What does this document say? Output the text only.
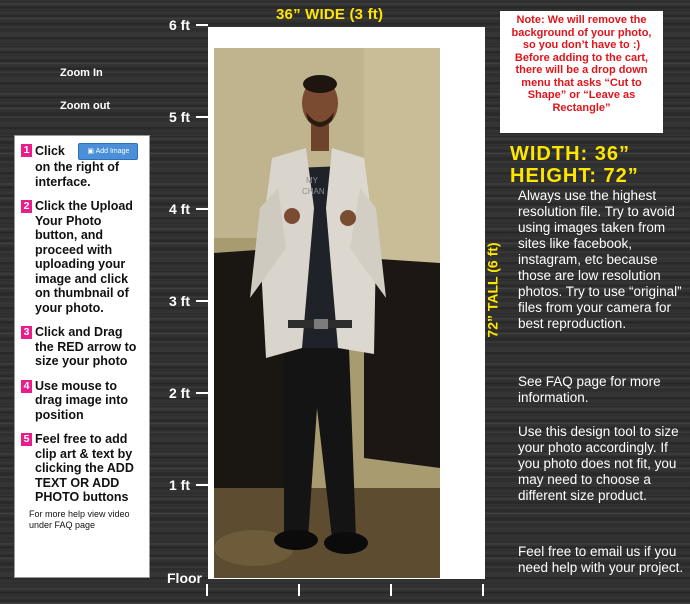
36” WIDE (3 ft)
6 ft
5 ft
4 ft
3 ft
2 ft
1 ft
Floor
MY
CHAN
Zoom In
Zoom out
1 Click	▣ Add Image on the right of interface.
2 Click the Upload Your Photo button, and proceed with uploading your image and click on thumbnail of your photo.
3 Click and Drag the RED arrow to size your photo
4 Use mouse to drag image into position
5 Feel free to add clip art & text by clicking the ADD TEXT OR ADD PHOTO buttons
For more help view video under FAQ page
Note: We will remove the background of your photo, so you don’t have to :) Before adding to the cart, there will be a drop down menu that asks “Cut to Shape” or “Leave as Rectangle”
WIDTH: 36”
HEIGHT: 72”
72” TALL (6 ft)
Always use the highest resolution file. Try to avoid using images taken from sites like facebook, instagram, etc because those are low resolution photos. Try to use “original” files from your camera for best reproduction.
See FAQ page for more information.
Use this design tool to size your photo accordingly. If you photo does not fit, you may need to choose a different size product.
Feel free to email us if you need help with your project.
